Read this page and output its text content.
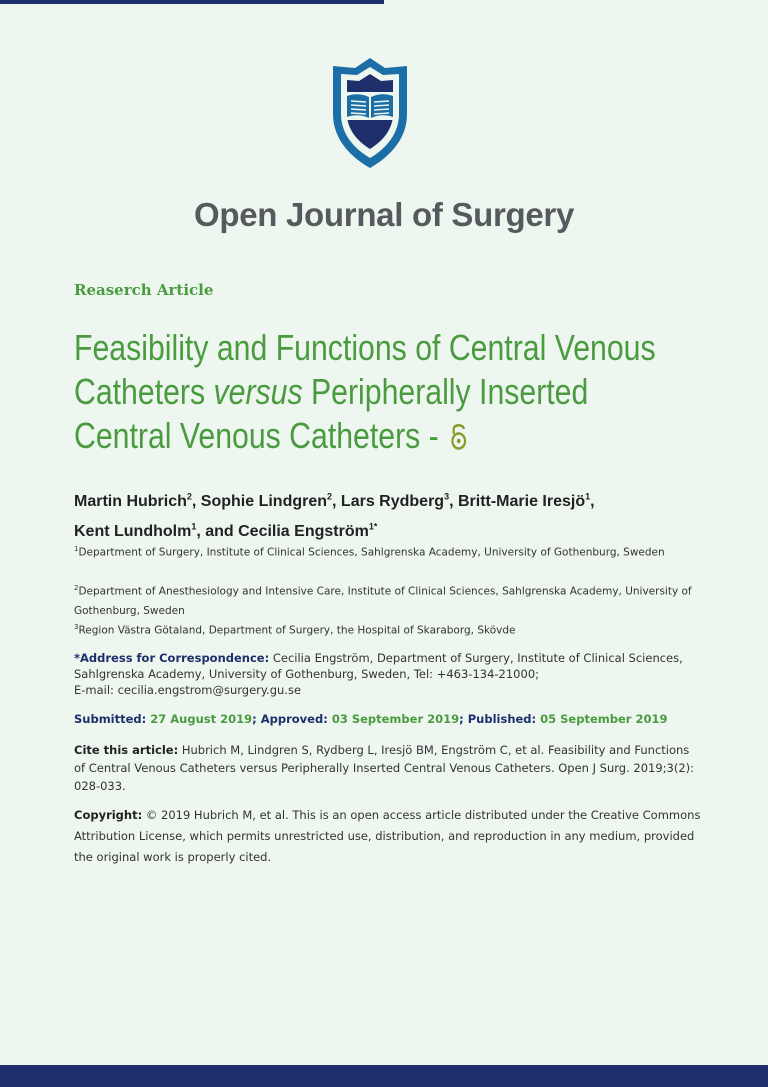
Open Journal of Surgery
Reaserch Article
Feasibility and Functions of Central Venous
Catheters versus Peripherally Inserted
Central Venous Catheters -
Martin Hubrich$^2$, Sophie Lindgren$^2$, Lars Rydberg$^3$, Britt-Marie Iresjö$^1$,
Kent Lundholm$^1$, and Cecilia Engström$^{1*}$
$^1$Department of Surgery, Institute of Clinical Sciences, Sahlgrenska Academy, University of Gothenburg, Sweden
$^2$Department of Anesthesiology and Intensive Care, Institute of Clinical Sciences, Sahlgrenska Academy, University of Gothenburg, Sweden
$^3$Region Västra Götaland, Department of Surgery, the Hospital of Skaraborg, Skövde
*Address for Correspondence: Cecilia Engström, Department of Surgery, Institute of Clinical Sciences, Sahlgrenska Academy, University of Gothenburg, Sweden, Tel: +463-134-21000;
E-mail: cecilia.engstrom@surgery.gu.se
Submitted: 27 August 2019; Approved: 03 September 2019; Published: 05 September 2019
Cite this article: Hubrich M, Lindgren S, Rydberg L, Iresjö BM, Engström C, et al. Feasibility and Functions of Central Venous Catheters versus Peripherally Inserted Central Venous Catheters. Open J Surg. 2019;3(2): 028-033.
Copyright: © 2019 Hubrich M, et al. This is an open access article distributed under the Creative Commons Attribution License, which permits unrestricted use, distribution, and reproduction in any medium, provided the original work is properly cited.
